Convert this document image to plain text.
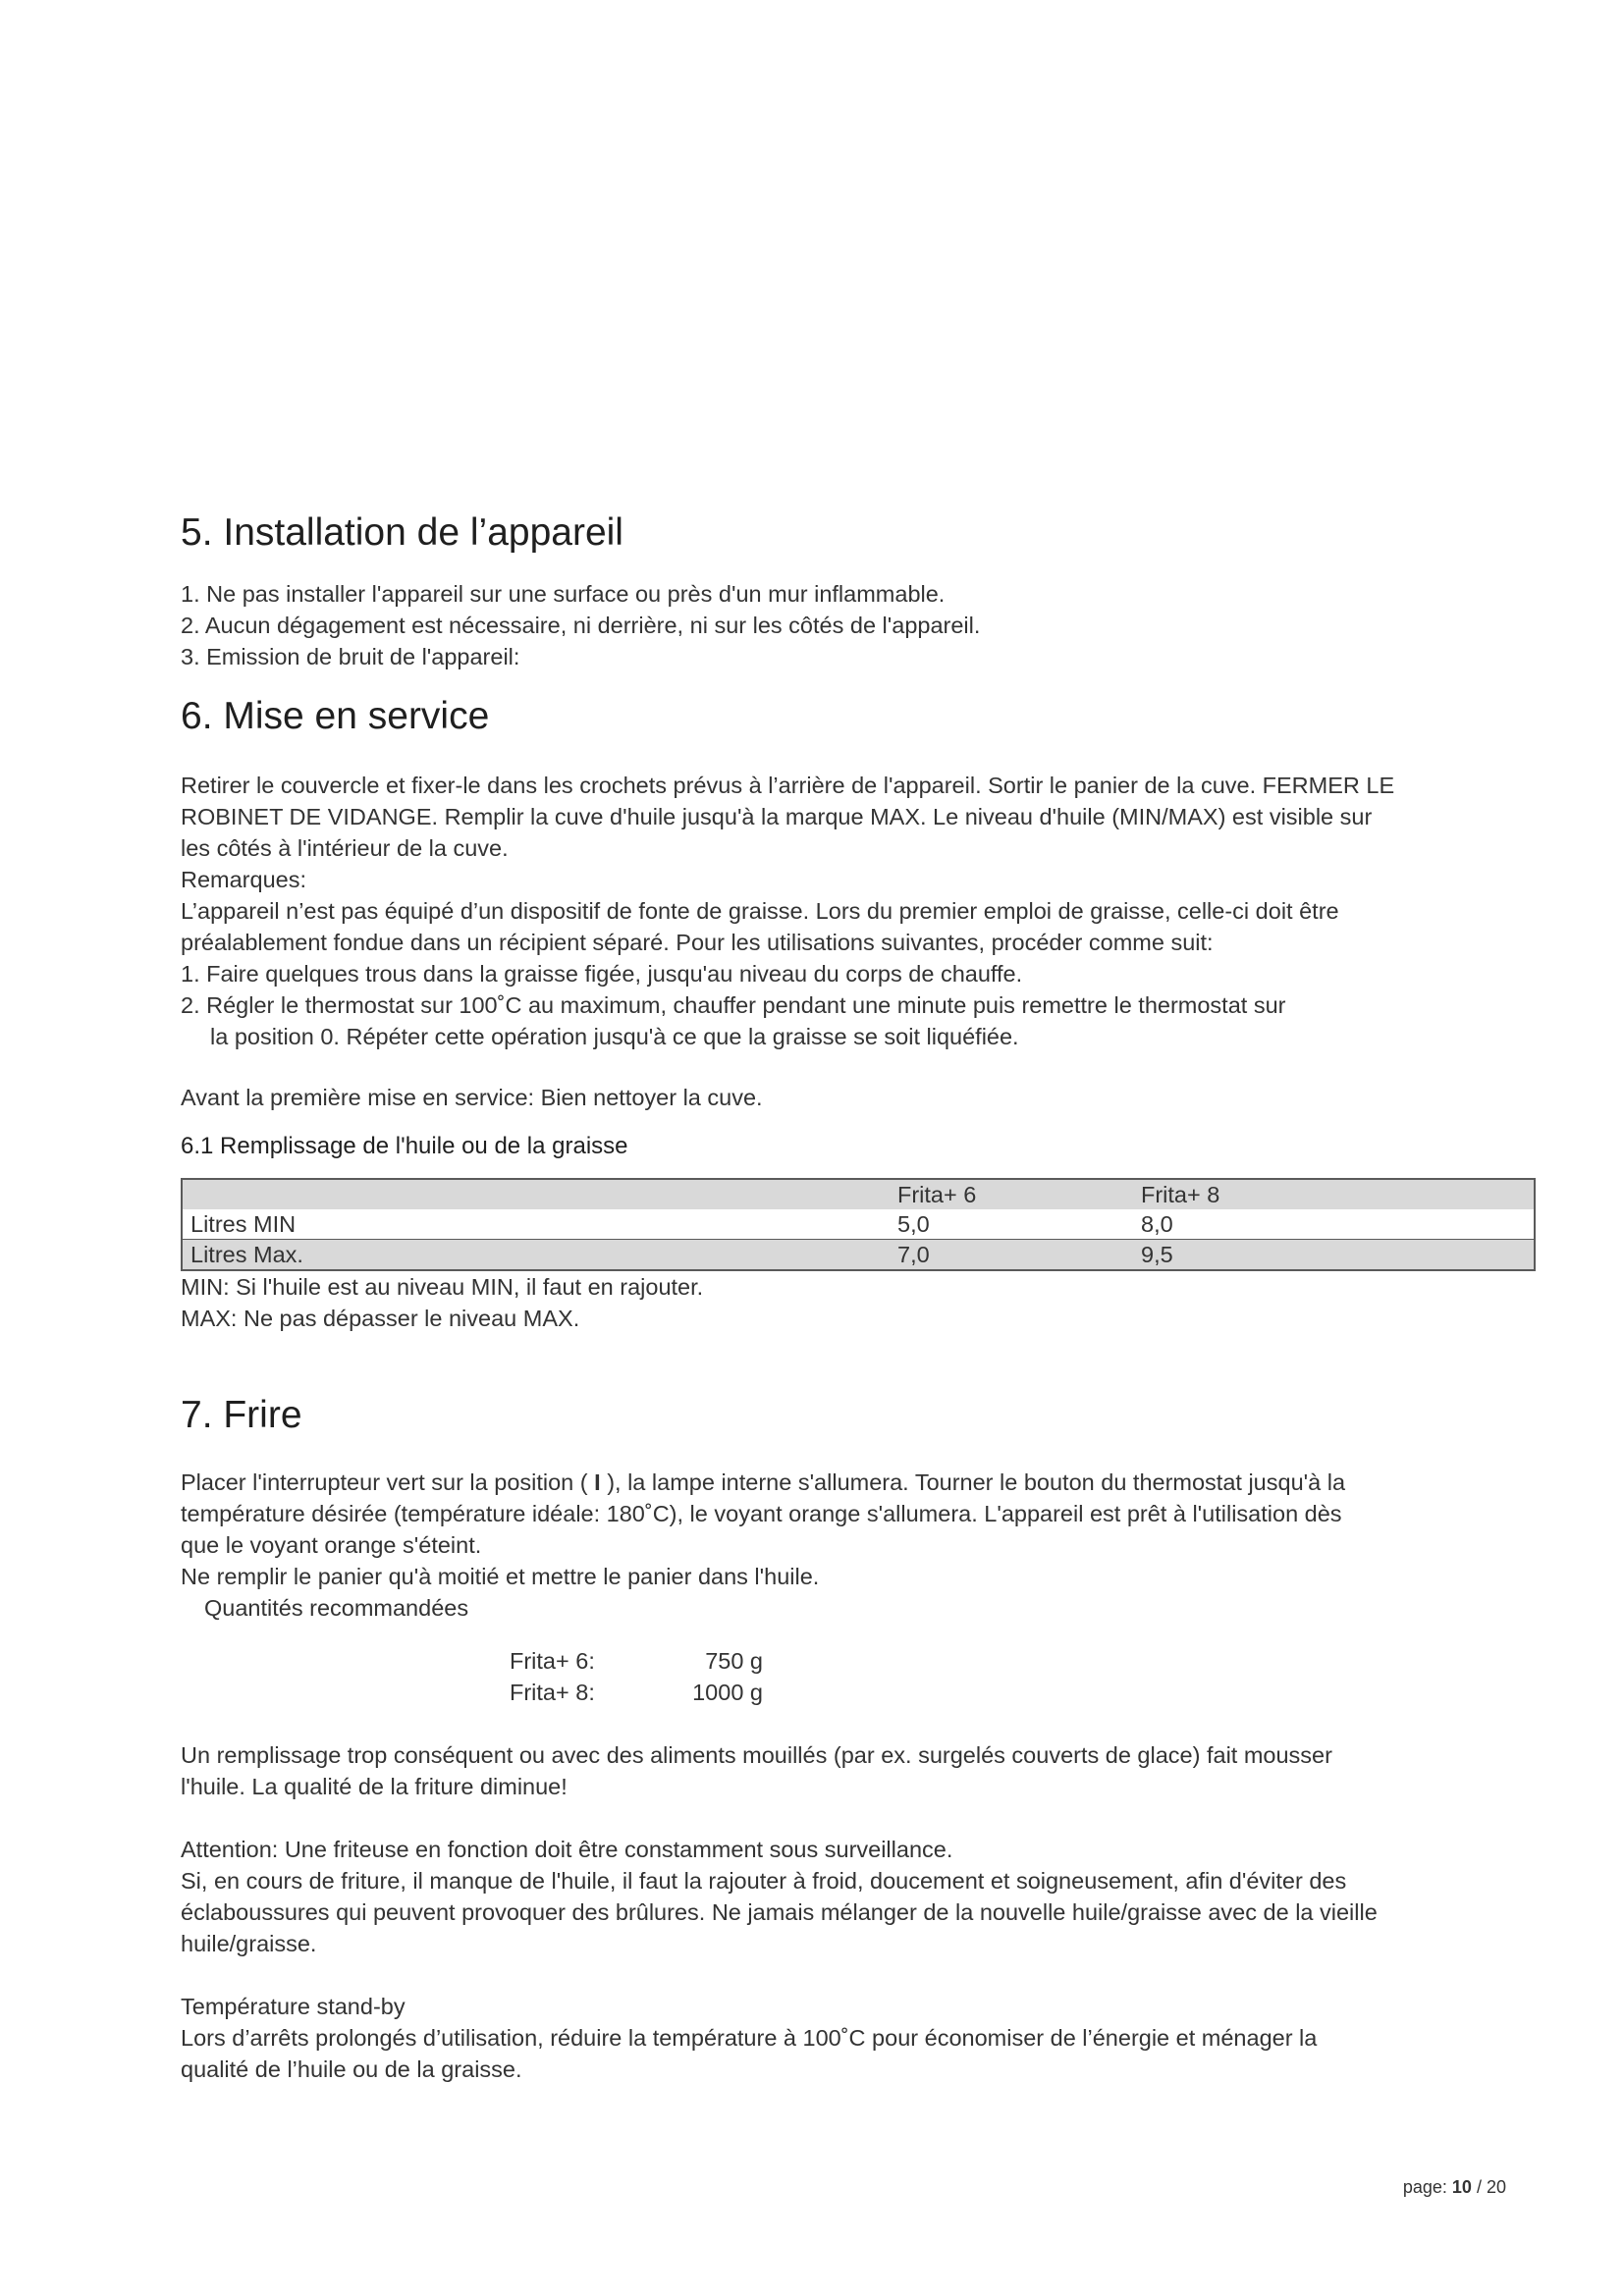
5. Installation de l’appareil
1. Ne pas installer l'appareil sur une surface ou près d'un mur inflammable.
2. Aucun dégagement est nécessaire, ni derrière, ni sur les côtés de l'appareil.
3. Emission de bruit de l'appareil:
6. Mise en service

Retirer le couvercle et fixer-le dans les crochets prévus à l’arrière de l'appareil. Sortir le panier de la cuve. FERMER LE

ROBINET DE VIDANGE. Remplir la cuve d'huile jusqu'à la marque MAX. Le niveau d'huile (MIN/MAX) est visible sur

les côtés à l'intérieur de la cuve.

Remarques:

L’appareil n’est pas équipé d’un dispositif de fonte de graisse. Lors du premier emploi de graisse, celle-ci doit être

préalablement fondue dans un récipient séparé. Pour les utilisations suivantes, procéder comme suit:

1. Faire quelques trous dans la graisse figée, jusqu'au niveau du corps de chauffe.

2. Régler le thermostat sur 100˚C au maximum, chauffer pendant une minute puis remettre le thermostat sur

la position 0. Répéter cette opération jusqu'à ce que la graisse se soit liquéfiée.

Avant la première mise en service: Bien nettoyer la cuve.

6.1 Remplissage de l'huile ou de la graisse
	Frita+ 6	Frita+ 8
Litres MIN	5,0	8,0
Litres Max.	7,0	9,5

MIN: Si l'huile est au niveau MIN, il faut en rajouter.

MAX: Ne pas dépasser le niveau MAX.

7. Frire

Placer l'interrupteur vert sur la position ( I ), la lampe interne s'allumera. Tourner le bouton du thermostat jusqu'à la

température désirée (température idéale: 180˚C), le voyant orange s'allumera. L'appareil est prêt à l'utilisation dès

que le voyant orange s'éteint.

Ne remplir le panier qu'à moitié et mettre le panier dans l'huile.

Quantités recommandées

Frita+ 6:	750 g
Frita+ 8:	1000 g

Un remplissage trop conséquent ou avec des aliments mouillés (par ex. surgelés couverts de glace) fait mousser

l'huile. La qualité de la friture diminue!

Attention: Une friteuse en fonction doit être constamment sous surveillance.

Si, en cours de friture, il manque de l'huile, il faut la rajouter à froid, doucement et soigneusement, afin d'éviter des

éclaboussures qui peuvent provoquer des brûlures. Ne jamais mélanger de la nouvelle huile/graisse avec de la vieille

huile/graisse.

Température stand-by

Lors d’arrêts prolongés d’utilisation, réduire la température à 100˚C pour économiser de l’énergie et ménager la

qualité de l’huile ou de la graisse.

page: 10 / 20
